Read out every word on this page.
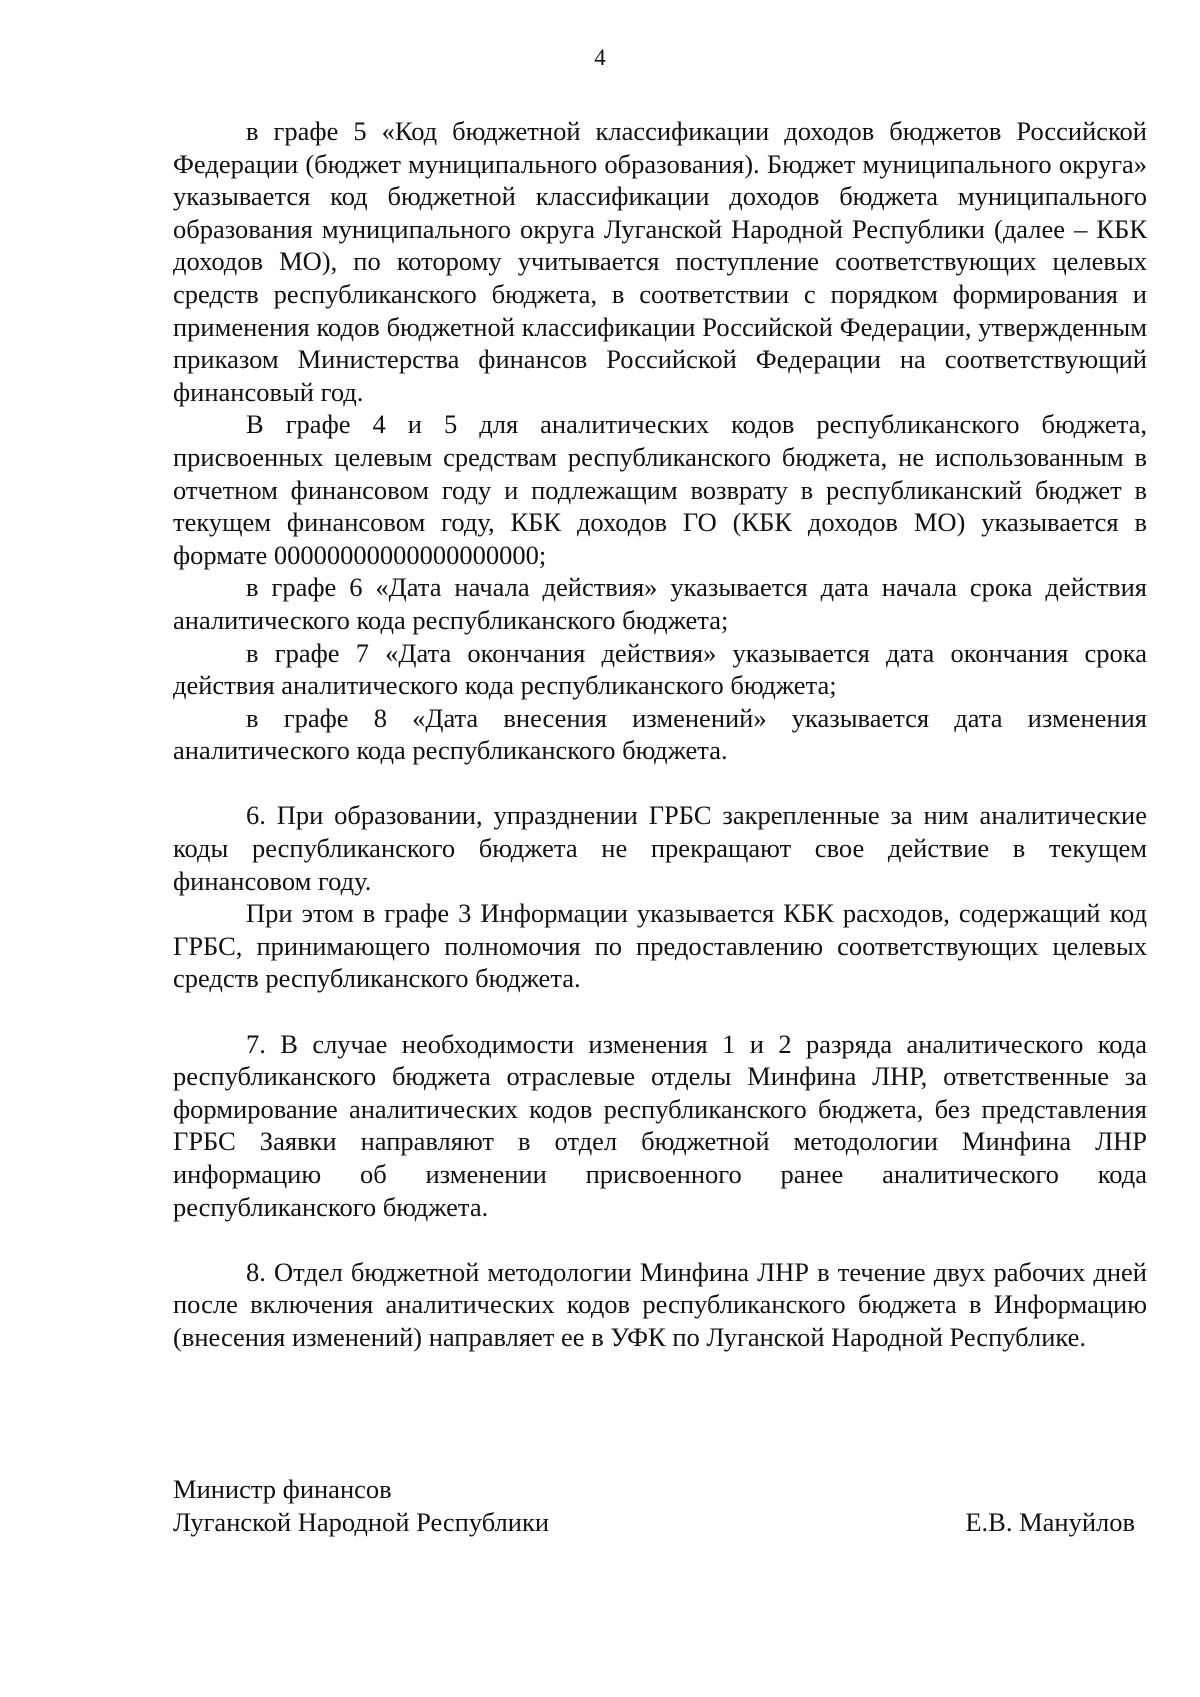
4

в графе 5 «Код бюджетной классификации доходов бюджетов Российской Федерации (бюджет муниципального образования). Бюджет муниципального округа» указывается код бюджетной классификации доходов бюджета муниципального образования муниципального округа Луганской Народной Республики (далее – КБК доходов МО), по которому учитывается поступление соответствующих целевых средств республиканского бюджета, в соответствии с порядком формирования и применения кодов бюджетной классификации Российской Федерации, утвержденным приказом Министерства финансов Российской Федерации на соответствующий финансовый год.

В графе 4 и 5 для аналитических кодов республиканского бюджета, присвоенных целевым средствам республиканского бюджета, не использованным в отчетном финансовом году и подлежащим возврату в республиканский бюджет в текущем финансовом году, КБК доходов ГО (КБК доходов МО) указывается в формате 00000000000000000000;

в графе 6 «Дата начала действия» указывается дата начала срока действия аналитического кода республиканского бюджета;

в графе 7 «Дата окончания действия» указывается дата окончания срока действия аналитического кода республиканского бюджета;

в графе 8 «Дата внесения изменений» указывается дата изменения аналитического кода республиканского бюджета.

6. При образовании, упразднении ГРБС закрепленные за ним аналитические коды республиканского бюджета не прекращают свое действие в текущем финансовом году.

При этом в графе 3 Информации указывается КБК расходов, содержащий код ГРБС, принимающего полномочия по предоставлению соответствующих целевых средств республиканского бюджета.

7. В случае необходимости изменения 1 и 2 разряда аналитического кода республиканского бюджета отраслевые отделы Минфина ЛНР, ответственные за формирование аналитических кодов республиканского бюджета, без представления ГРБС Заявки направляют в отдел бюджетной методологии Минфина ЛНР информацию об изменении присвоенного ранее аналитического кода республиканского бюджета.

8. Отдел бюджетной методологии Минфина ЛНР в течение двух рабочих дней после включения аналитических кодов республиканского бюджета в Информацию (внесения изменений) направляет ее в УФК по Луганской Народной Республике.

Министр финансов
Луганской Народной Республики	Е.В. Мануйлов
